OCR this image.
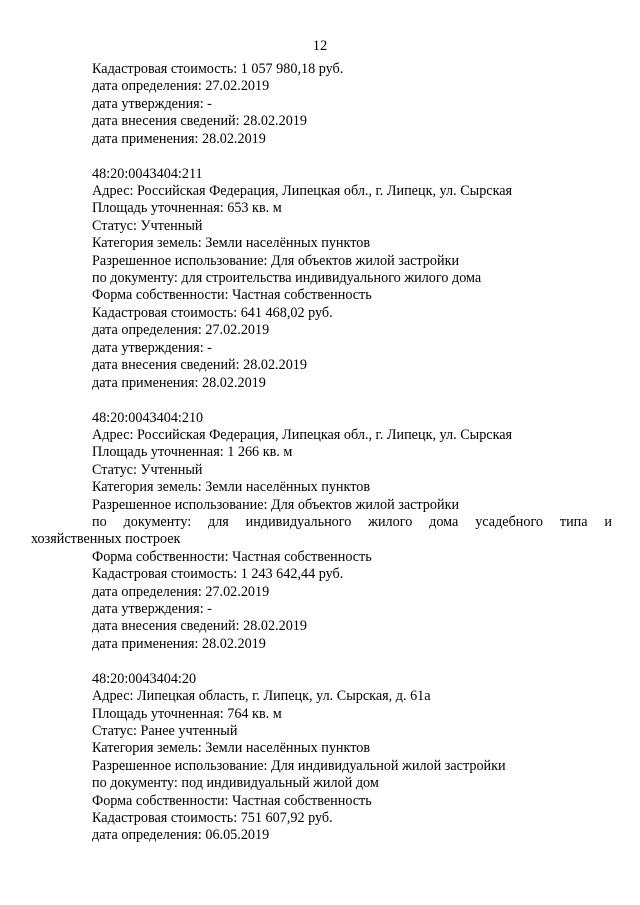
12
Кадастровая стоимость: 1 057 980,18 руб.
дата определения: 27.02.2019
дата утверждения: -
дата внесения сведений: 28.02.2019
дата применения: 28.02.2019
48:20:0043404:211
Адрес: Российская Федерация, Липецкая обл., г. Липецк, ул. Сырская
Площадь уточненная: 653 кв. м
Статус: Учтенный
Категория земель: Земли населённых пунктов
Разрешенное использование: Для объектов жилой застройки
по документу: для строительства индивидуального жилого дома
Форма собственности: Частная собственность
Кадастровая стоимость: 641 468,02 руб.
дата определения: 27.02.2019
дата утверждения: -
дата внесения сведений: 28.02.2019
дата применения: 28.02.2019
48:20:0043404:210
Адрес: Российская Федерация, Липецкая обл., г. Липецк, ул. Сырская
Площадь уточненная: 1 266 кв. м
Статус: Учтенный
Категория земель: Земли населённых пунктов
Разрешенное использование: Для объектов жилой застройки
по документу: для индивидуального жилого дома усадебного типа и
хозяйственных построек
Форма собственности: Частная собственность
Кадастровая стоимость: 1 243 642,44 руб.
дата определения: 27.02.2019
дата утверждения: -
дата внесения сведений: 28.02.2019
дата применения: 28.02.2019
48:20:0043404:20
Адрес: Липецкая область, г. Липецк, ул. Сырская, д. 61а
Площадь уточненная: 764 кв. м
Статус: Ранее учтенный
Категория земель: Земли населённых пунктов
Разрешенное использование: Для индивидуальной жилой застройки
по документу: под индивидуальный жилой дом
Форма собственности: Частная собственность
Кадастровая стоимость: 751 607,92 руб.
дата определения: 06.05.2019
